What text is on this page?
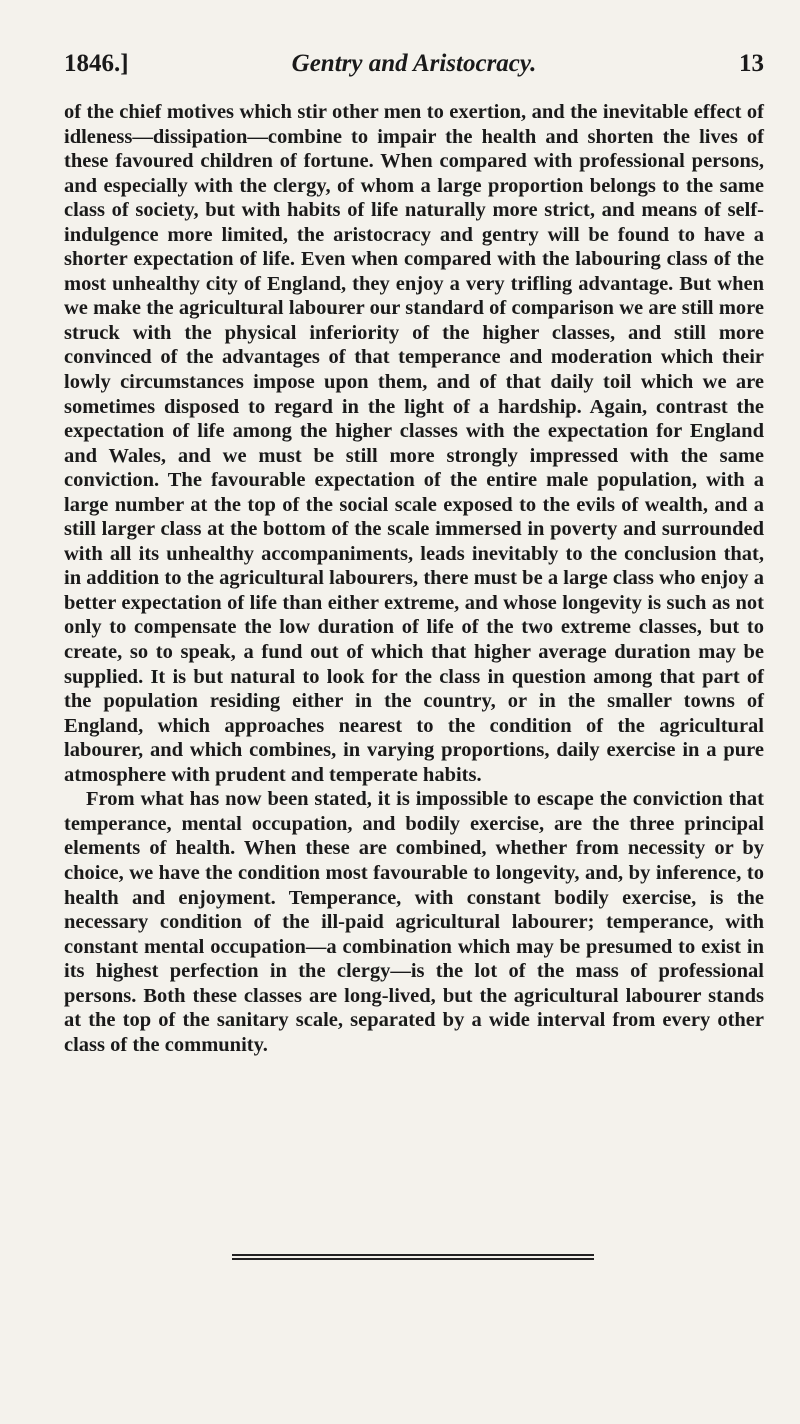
1846.]	Gentry and Aristocracy.	13

of the chief motives which stir other men to exertion, and the inevitable effect of idleness—dissipation—combine to impair the health and shorten the lives of these favoured children of fortune. When compared with professional persons, and especially with the clergy, of whom a large proportion belongs to the same class of society, but with habits of life naturally more strict, and means of self-indulgence more limited, the aristocracy and gentry will be found to have a shorter expectation of life. Even when compared with the labouring class of the most unhealthy city of England, they enjoy a very trifling advantage. But when we make the agricultural labourer our standard of comparison we are still more struck with the physical inferiority of the higher classes, and still more convinced of the advantages of that temperance and moderation which their lowly circumstances impose upon them, and of that daily toil which we are sometimes disposed to regard in the light of a hardship. Again, contrast the expectation of life among the higher classes with the expectation for England and Wales, and we must be still more strongly impressed with the same conviction. The favourable expectation of the entire male population, with a large number at the top of the social scale exposed to the evils of wealth, and a still larger class at the bottom of the scale immersed in poverty and surrounded with all its unhealthy accompaniments, leads inevitably to the conclusion that, in addition to the agricultural labourers, there must be a large class who enjoy a better expectation of life than either extreme, and whose longevity is such as not only to compensate the low duration of life of the two extreme classes, but to create, so to speak, a fund out of which that higher average duration may be supplied. It is but natural to look for the class in question among that part of the population residing either in the country, or in the smaller towns of England, which approaches nearest to the condition of the agricultural labourer, and which combines, in varying proportions, daily exercise in a pure atmosphere with prudent and temperate habits.

From what has now been stated, it is impossible to escape the conviction that temperance, mental occupation, and bodily exercise, are the three principal elements of health. When these are combined, whether from necessity or by choice, we have the condition most favourable to longevity, and, by inference, to health and enjoyment. Temperance, with constant bodily exercise, is the necessary condition of the ill-paid agricultural labourer; temperance, with constant mental occupation—a combination which may be presumed to exist in its highest perfection in the clergy—is the lot of the mass of professional persons. Both these classes are long-lived, but the agricultural labourer stands at the top of the sanitary scale, separated by a wide interval from every other class of the community.
